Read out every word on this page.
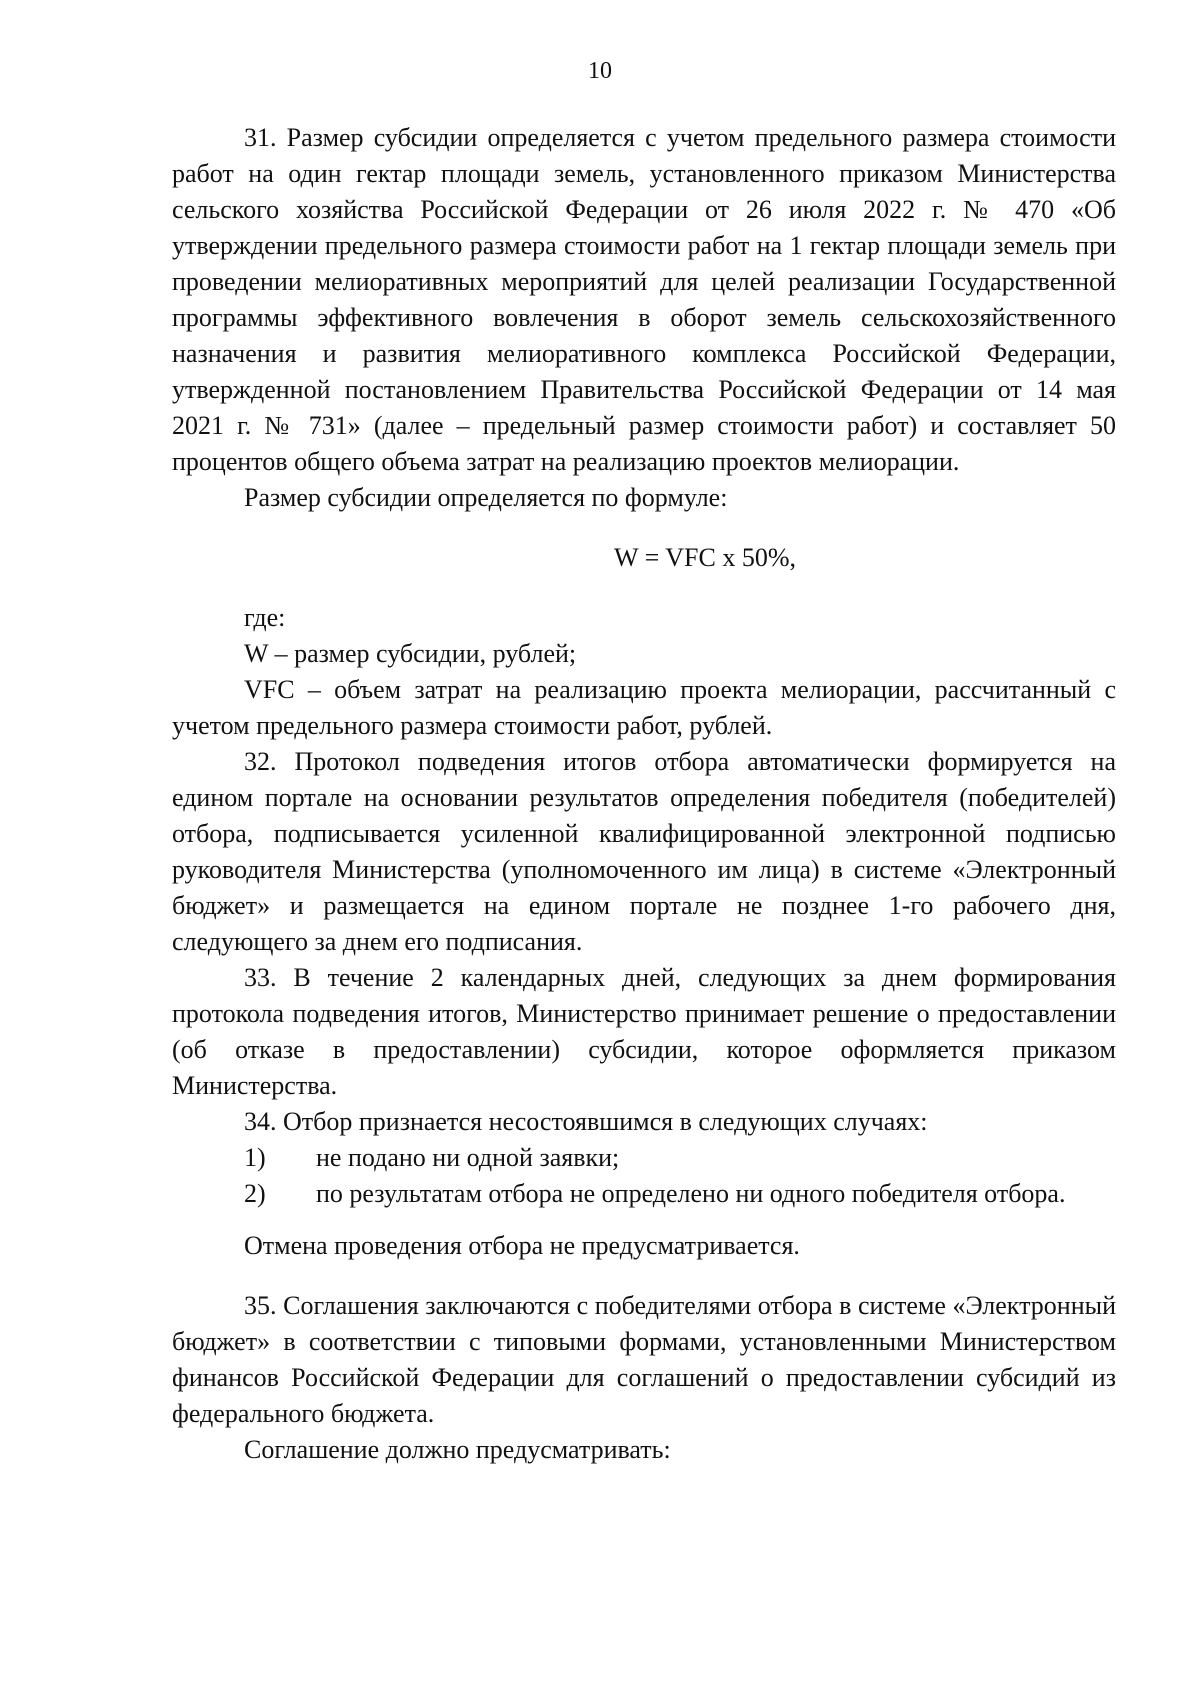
10

31. Размер субсидии определяется с учетом предельного размера стоимости работ на один гектар площади земель, установленного приказом Министерства сельского хозяйства Российской Федерации от 26 июля 2022 г. № 470 «Об утверждении предельного размера стоимости работ на 1 гектар площади земель при проведении мелиоративных мероприятий для целей реализации Государственной программы эффективного вовлечения в оборот земель сельскохозяйственного назначения и развития мелиоративного комплекса Российской Федерации, утвержденной постановлением Правительства Российской Федерации от 14 мая 2021 г. № 731» (далее – предельный размер стоимости работ) и составляет 50 процентов общего объема затрат на реализацию проектов мелиорации.

Размер субсидии определяется по формуле:

W = VFC x 50%,

где:

W – размер субсидии, рублей;

VFC – объем затрат на реализацию проекта мелиорации, рассчитанный с учетом предельного размера стоимости работ, рублей.

32. Протокол подведения итогов отбора автоматически формируется на едином портале на основании результатов определения победителя (победителей) отбора, подписывается усиленной квалифицированной электронной подписью руководителя Министерства (уполномоченного им лица) в системе «Электронный бюджет» и размещается на едином портале не позднее 1-го рабочего дня, следующего за днем его подписания.

33. В течение 2 календарных дней, следующих за днем формирования протокола подведения итогов, Министерство принимает решение о предоставлении (об отказе в предоставлении) субсидии, которое оформляется приказом Министерства.

34. Отбор признается несостоявшимся в следующих случаях:

1) не подано ни одной заявки;

2) по результатам отбора не определено ни одного победителя отбора.

Отмена проведения отбора не предусматривается.

35. Соглашения заключаются с победителями отбора в системе «Электронный бюджет» в соответствии с типовыми формами, установленными Министерством финансов Российской Федерации для соглашений о предоставлении субсидий из федерального бюджета.

Соглашение должно предусматривать:
